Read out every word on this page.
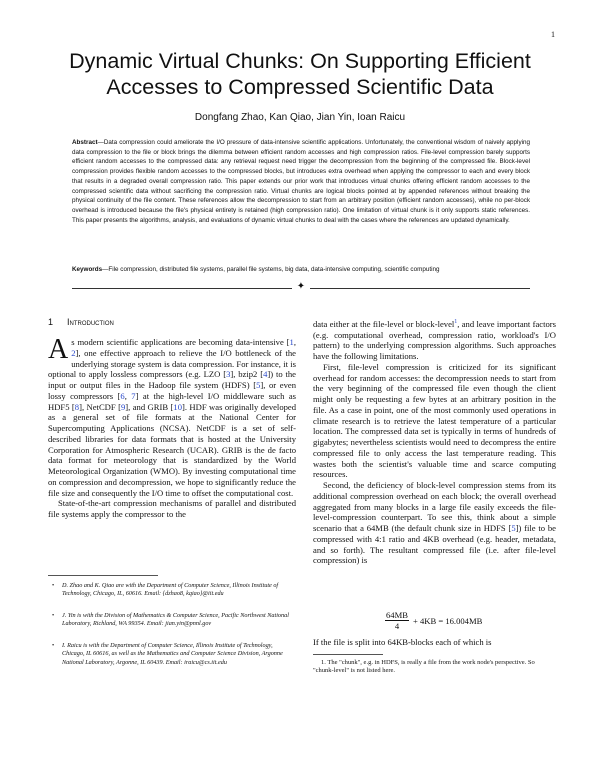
1
Dynamic Virtual Chunks: On Supporting Efficient Accesses to Compressed Scientific Data
Dongfang Zhao, Kan Qiao, Jian Yin, Ioan Raicu
Abstract—Data compression could ameliorate the I/O pressure of data-intensive scientific applications. Unfortunately, the conventional wisdom of naively applying data compression to the file or block brings the dilemma between efficient random accesses and high compression ratios. File-level compression barely supports efficient random accesses to the compressed data: any retrieval request need trigger the decompression from the beginning of the compressed file. Block-level compression provides flexible random accesses to the compressed blocks, but introduces extra overhead when applying the compressor to each and every block that results in a degraded overall compression ratio. This paper extends our prior work that introduces virtual chunks offering efficient random accesses to the compressed scientific data without sacrificing the compression ratio. Virtual chunks are logical blocks pointed at by appended references without breaking the physical continuity of the file content. These references allow the decompression to start from an arbitrary position (efficient random accesses), while no per-block overhead is introduced because the file's physical entirety is retained (high compression ratio). One limitation of virtual chunk is it only supports static references. This paper presents the algorithms, analysis, and evaluations of dynamic virtual chunks to deal with the cases where the references are updated dynamically.
Keywords—File compression, distributed file systems, parallel file systems, big data, data-intensive computing, scientific computing
✦
1 Introduction

As modern scientific applications are becoming data-intensive [1, 2], one effective approach to relieve the I/O bottleneck of the underlying storage system is data compression. For instance, it is optional to apply lossless compressors (e.g. LZO [3], bzip2 [4]) to the input or output files in the Hadoop file system (HDFS) [5], or even lossy compressors [6, 7] at the high-level I/O middleware such as HDF5 [8], NetCDF [9], and GRIB [10]. HDF was originally developed as a general set of file formats at the National Center for Supercomputing Applications (NCSA). NetCDF is a set of self-described libraries for data formats that is hosted at the University Corporation for Atmospheric Research (UCAR). GRIB is the de facto data format for meteorology that is standardized by the World Meteorological Organization (WMO). By investing computational time on compression and decompression, we hope to significantly reduce the file size and consequently the I/O time to offset the computational cost.

State-of-the-art compression mechanisms of parallel and distributed file systems apply the compressor to the

• D. Zhao and K. Qiao are with the Department of Computer Science, Illinois Institute of Technology, Chicago, IL, 60616. Email: {dzhao8, kqiao}@iit.edu
• J. Yin is with the Division of Mathematics & Computer Science, Pacific Northwest National Laboratory, Richland, WA 99354. Email: jian.yin@pnnl.gov
• I. Raicu is with the Department of Computer Science, Illinois Institute of Technology, Chicago, IL 60616, as well as the Mathematics and Computer Science Division, Argonne National Laboratory, Argonne, IL 60439. Email: iraicu@cs.iit.edu

data either at the file-level or block-level$^1$, and leave important factors (e.g. computational overhead, compression ratio, workload's I/O pattern) to the underlying compression algorithms. Such approaches have the following limitations.

First, file-level compression is criticized for its significant overhead for random accesses: the decompression needs to start from the very beginning of the compressed file even though the client might only be requesting a few bytes at an arbitrary position in the file. As a case in point, one of the most commonly used operations in climate research is to retrieve the latest temperature of a particular location. The compressed data set is typically in terms of hundreds of gigabytes; nevertheless scientists would need to decompress the entire compressed file to only access the last temperature reading. This wastes both the scientist's valuable time and scarce computing resources.

Second, the deficiency of block-level compression stems from its additional compression overhead on each block; the overall overhead aggregated from many blocks in a large file easily exceeds the file-level-compression counterpart. To see this, think about a simple scenario that a 64MB (the default chunk size in HDFS [5]) file to be compressed with 4:1 ratio and 4KB overhead (e.g. header, metadata, and so forth). The resultant compressed file (i.e. after file-level compression) is

$\frac{64MB}{4} + 4KB = 16.004MB$

If the file is split into 64KB-blocks each of which is

1. The "chunk", e.g. in HDFS, is really a file from the work node's perspective. So "chunk-level" is not listed here.
